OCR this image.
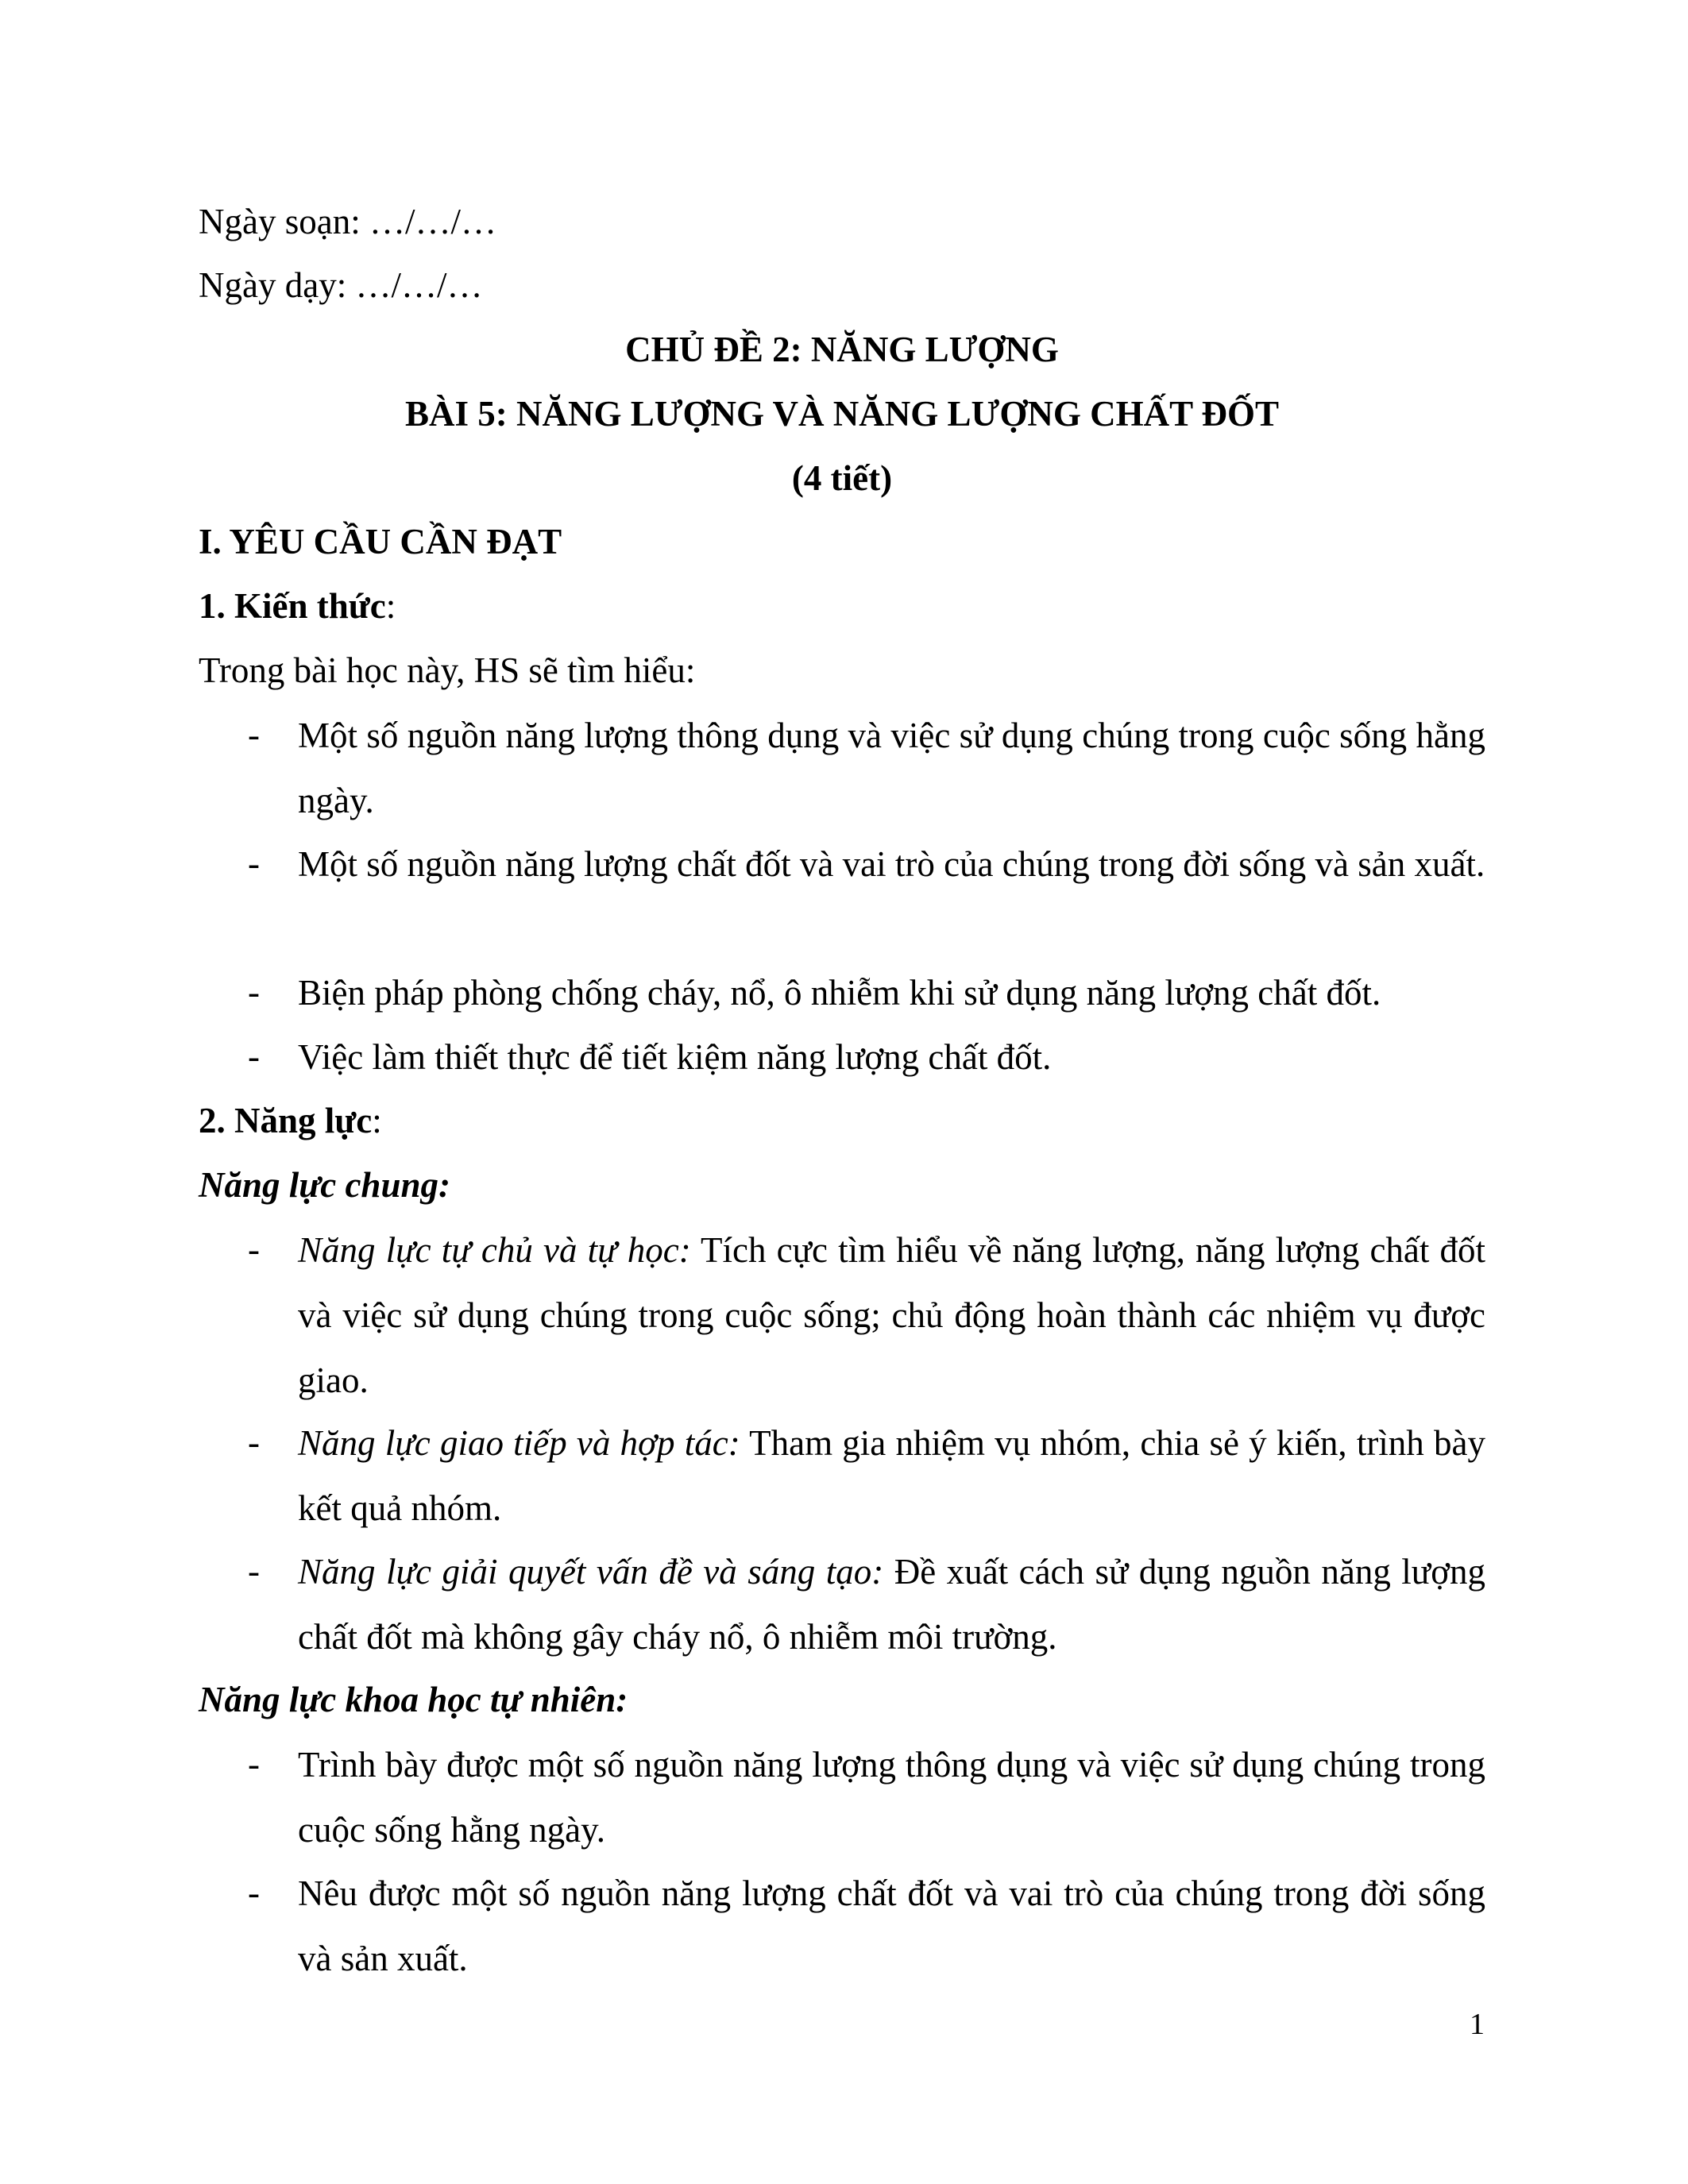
Ngày soạn: …/…/…
Ngày dạy: …/…/…
CHỦ ĐỀ 2: NĂNG LƯỢNG
BÀI 5: NĂNG LƯỢNG VÀ NĂNG LƯỢNG CHẤT ĐỐT
(4 tiết)
I. YÊU CẦU CẦN ĐẠT
1. Kiến thức:
Trong bài học này, HS sẽ tìm hiểu:
- Một số nguồn năng lượng thông dụng và việc sử dụng chúng trong cuộc sống hằng ngày.
- Một số nguồn năng lượng chất đốt và vai trò của chúng trong đời sống và sản xuất.
- Biện pháp phòng chống cháy, nổ, ô nhiễm khi sử dụng năng lượng chất đốt.
- Việc làm thiết thực để tiết kiệm năng lượng chất đốt.
2. Năng lực:
Năng lực chung:
- Năng lực tự chủ và tự học: Tích cực tìm hiểu về năng lượng, năng lượng chất đốt và việc sử dụng chúng trong cuộc sống; chủ động hoàn thành các nhiệm vụ được giao.
- Năng lực giao tiếp và hợp tác: Tham gia nhiệm vụ nhóm, chia sẻ ý kiến, trình bày kết quả nhóm.
- Năng lực giải quyết vấn đề và sáng tạo: Đề xuất cách sử dụng nguồn năng lượng chất đốt mà không gây cháy nổ, ô nhiễm môi trường.
Năng lực khoa học tự nhiên:
- Trình bày được một số nguồn năng lượng thông dụng và việc sử dụng chúng trong cuộc sống hằng ngày.
- Nêu được một số nguồn năng lượng chất đốt và vai trò của chúng trong đời sống và sản xuất.
1
